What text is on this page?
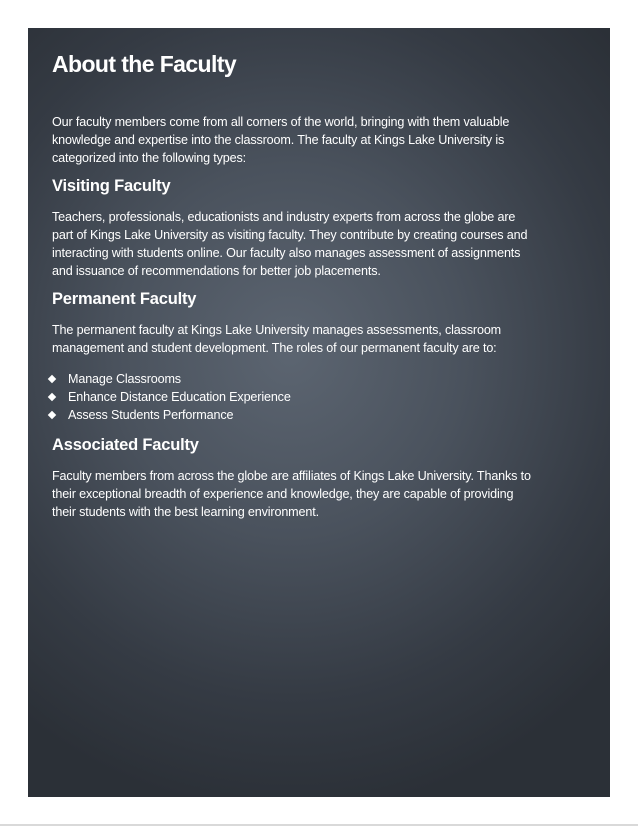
About the Faculty
Our faculty members come from all corners of the world, bringing with them valuable
knowledge and expertise into the classroom. The faculty at Kings Lake University is
categorized into the following types:
Visiting Faculty
Teachers, professionals, educationists and industry experts from across the globe are
part of Kings Lake University as visiting faculty. They contribute by creating courses and
interacting with students online. Our faculty also manages assessment of assignments
and issuance of recommendations for better job placements.
Permanent Faculty
The permanent faculty at Kings Lake University manages assessments, classroom
management and student development. The roles of our permanent faculty are to:
Manage Classrooms
Enhance Distance Education Experience
Assess Students Performance
Associated Faculty
Faculty members from across the globe are affiliates of Kings Lake University. Thanks to
their exceptional breadth of experience and knowledge, they are capable of providing
their students with the best learning environment.
